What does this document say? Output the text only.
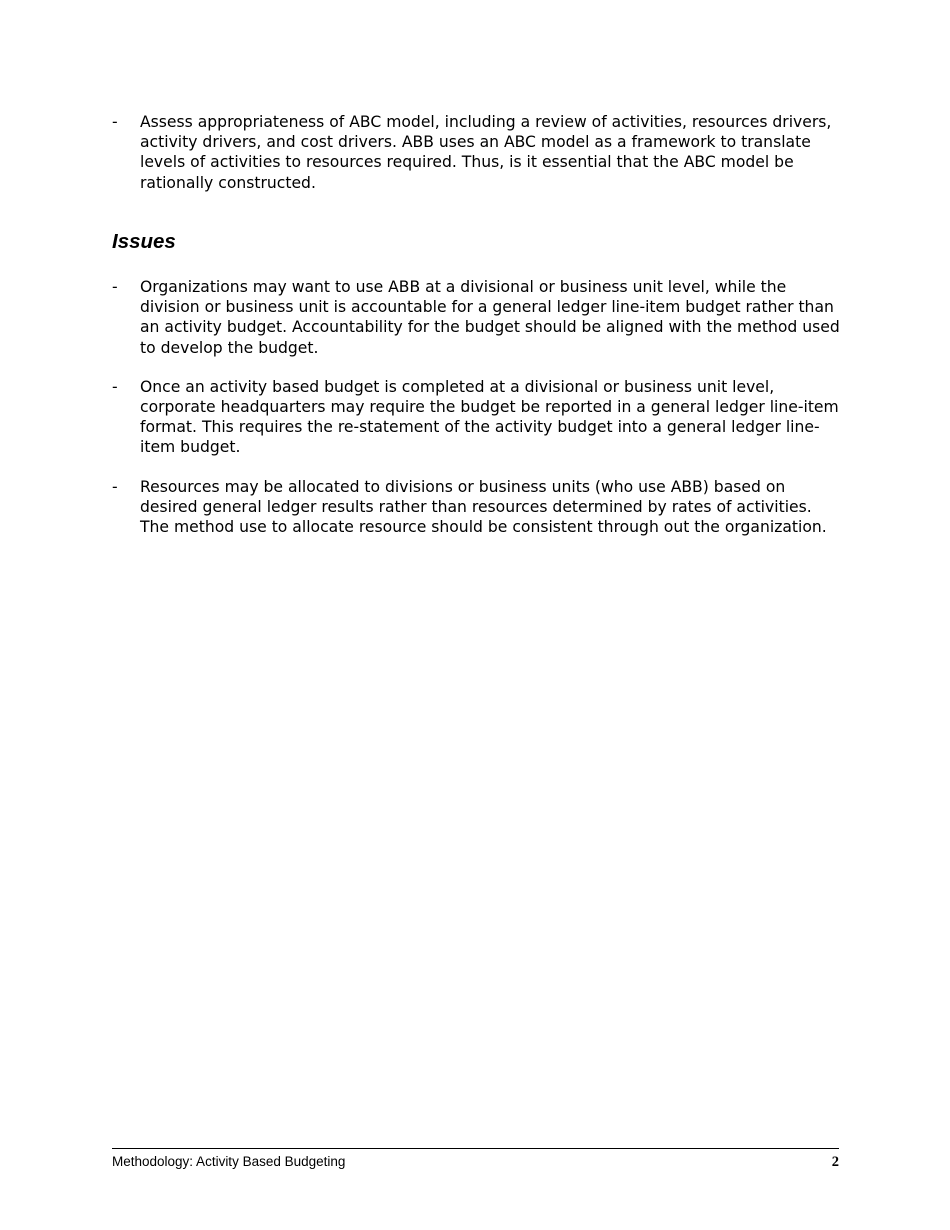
-	Assess appropriateness of ABC model, including a review of activities, resources drivers, activity drivers, and cost drivers. ABB uses an ABC model as a framework to translate levels of activities to resources required. Thus, is it essential that the ABC model be rationally constructed.
Issues
-	Organizations may want to use ABB at a divisional or business unit level, while the division or business unit is accountable for a general ledger line-item budget rather than an activity budget. Accountability for the budget should be aligned with the method used to develop the budget.
-	Once an activity based budget is completed at a divisional or business unit level, corporate headquarters may require the budget be reported in a general ledger line-item format. This requires the re-statement of the activity budget into a general ledger line-item budget.
-	Resources may be allocated to divisions or business units (who use ABB) based on desired general ledger results rather than resources determined by rates of activities. The method use to allocate resource should be consistent through out the organization.
Methodology: Activity Based Budgeting	2
